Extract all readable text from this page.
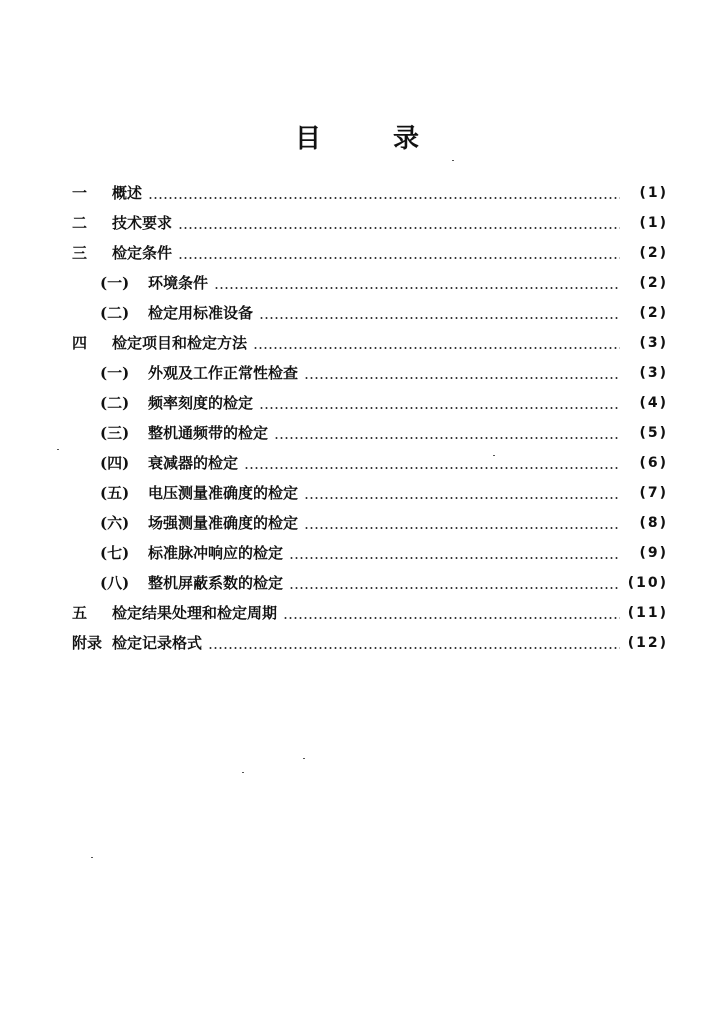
目	录
一	概述	(1)
二	技术要求	(1)
三	检定条件	(2)
(一)	环境条件	(2)
(二)	检定用标准设备	(2)
四	检定项目和检定方法	(3)
(一)	外观及工作正常性检查	(3)
(二)	频率刻度的检定	(4)
(三)	整机通频带的检定	(5)
(四)	衰减器的检定	(6)
(五)	电压测量准确度的检定	(7)
(六)	场强测量准确度的检定	(8)
(七)	标准脉冲响应的检定	(9)
(八)	整机屏蔽系数的检定	(10)
五	检定结果处理和检定周期	(11)
附录 检定记录格式	(12)
